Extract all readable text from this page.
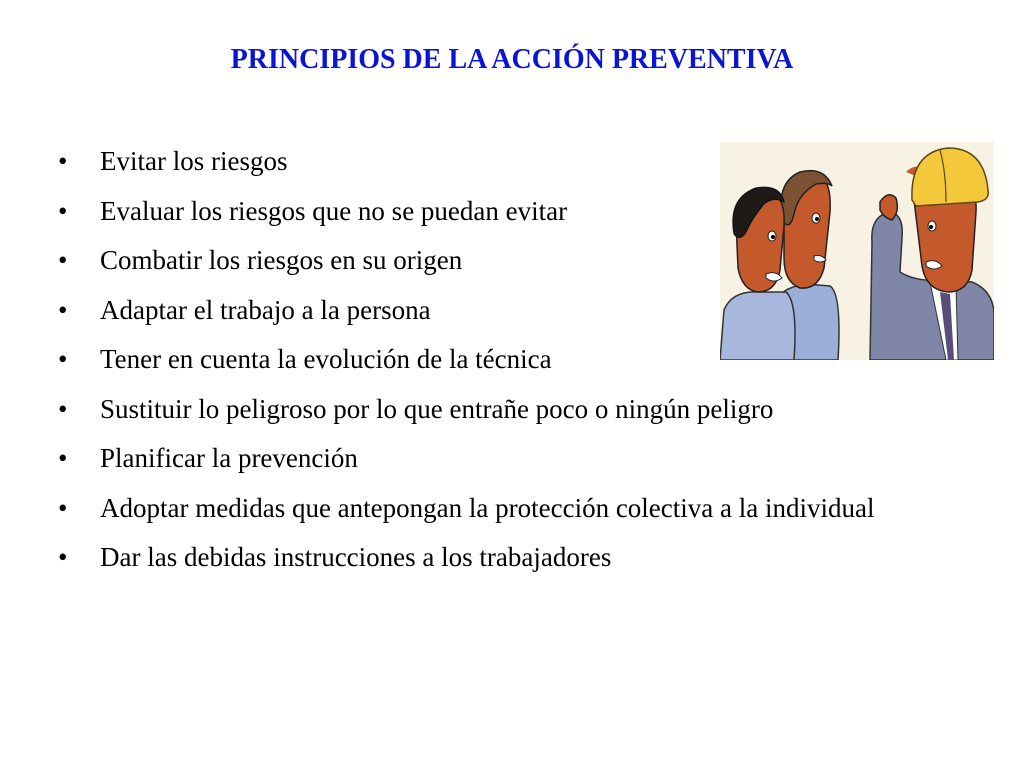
PRINCIPIOS DE LA ACCIÓN PREVENTIVA
• Evitar los riesgos
• Evaluar los riesgos que no se puedan evitar
• Combatir los riesgos en su origen
• Adaptar el trabajo a la persona
• Tener en cuenta la evolución de la técnica
• Sustituir lo peligroso por lo que entrañe poco o ningún peligro
• Planificar la prevención
• Adoptar medidas que antepongan la protección colectiva a la individual
• Dar las debidas instrucciones a los trabajadores
